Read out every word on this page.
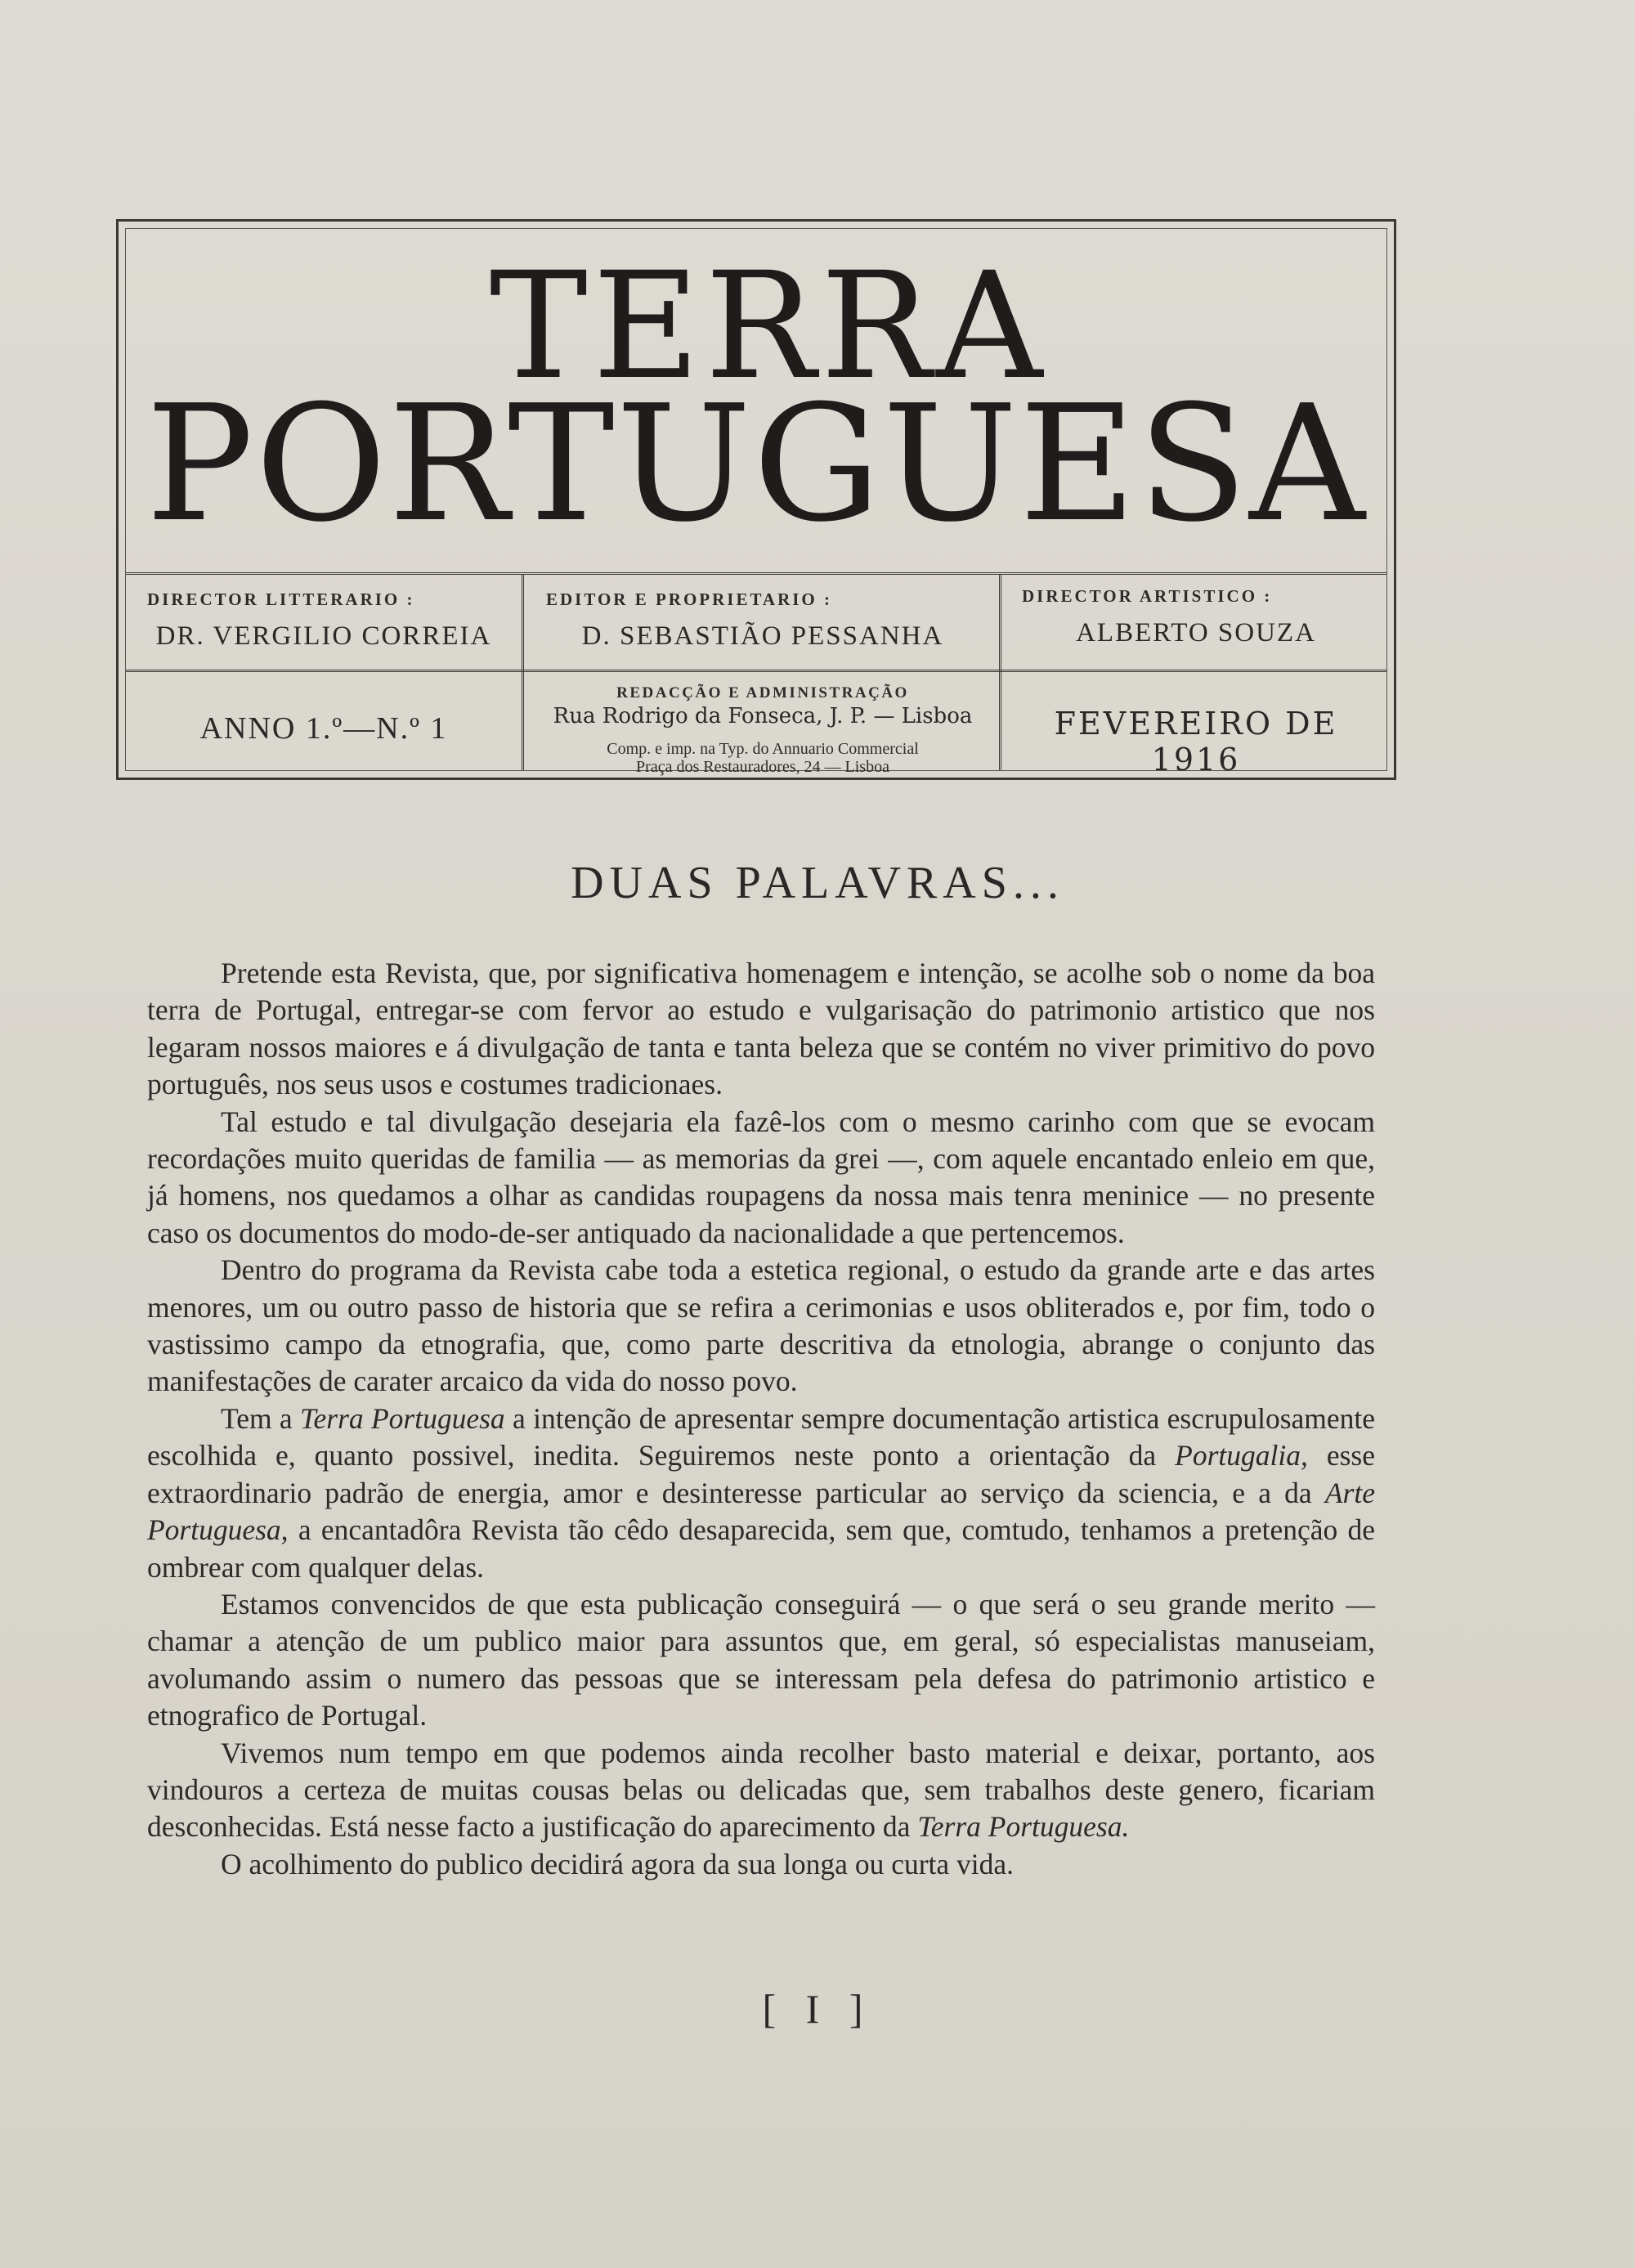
TERRA
PORTUGUESA
DIRECTOR LITTERARIO :
DR. VERGILIO CORREIA
EDITOR E PROPRIETARIO :
D. SEBASTIÃO PESSANHA
DIRECTOR ARTISTICO :
ALBERTO SOUZA
ANNO 1.º—N.º 1
REDACÇÃO E ADMINISTRAÇÃO
Rua Rodrigo da Fonseca, J. P. — Lisboa
Comp. e imp. na Typ. do Annuario Commercial
Praça dos Restauradores, 24 — Lisboa
FEVEREIRO DE 1916
DUAS PALAVRAS...

Pretende esta Revista, que, por significativa homenagem e intenção, se acolhe sob o nome da boa terra de Portugal, entregar-se com fervor ao estudo e vulgarisação do patrimonio artistico que nos legaram nossos maiores e á divulgação de tanta e tanta beleza que se contém no viver primitivo do povo português, nos seus usos e costumes tradicionaes.

Tal estudo e tal divulgação desejaria ela fazê-los com o mesmo carinho com que se evocam recordações muito queridas de familia — as memorias da grei —, com aquele encantado enleio em que, já homens, nos quedamos a olhar as candidas roupagens da nossa mais tenra meninice — no presente caso os documentos do modo-de-ser antiquado da nacionalidade a que pertencemos.

Dentro do programa da Revista cabe toda a estetica regional, o estudo da grande arte e das artes menores, um ou outro passo de historia que se refira a cerimonias e usos obliterados e, por fim, todo o vastissimo campo da etnografia, que, como parte descritiva da etnologia, abrange o conjunto das manifestações de carater arcaico da vida do nosso povo.

Tem a Terra Portuguesa a intenção de apresentar sempre documentação artistica escrupulosamente escolhida e, quanto possivel, inedita. Seguiremos neste ponto a orientação da Portugalia, esse extraordinario padrão de energia, amor e desinteresse particular ao serviço da sciencia, e a da Arte Portuguesa, a encantadôra Revista tão cêdo desaparecida, sem que, comtudo, tenhamos a pretenção de ombrear com qualquer delas.

Estamos convencidos de que esta publicação conseguirá — o que será o seu grande merito — chamar a atenção de um publico maior para assuntos que, em geral, só especialistas manuseiam, avolumando assim o numero das pessoas que se interessam pela defesa do patrimonio artistico e etnografico de Portugal.

Vivemos num tempo em que podemos ainda recolher basto material e deixar, portanto, aos vindouros a certeza de muitas cousas belas ou delicadas que, sem trabalhos deste genero, ficariam desconhecidas. Está nesse facto a justificação do aparecimento da Terra Portuguesa.

O acolhimento do publico decidirá agora da sua longa ou curta vida.

[ I ]
